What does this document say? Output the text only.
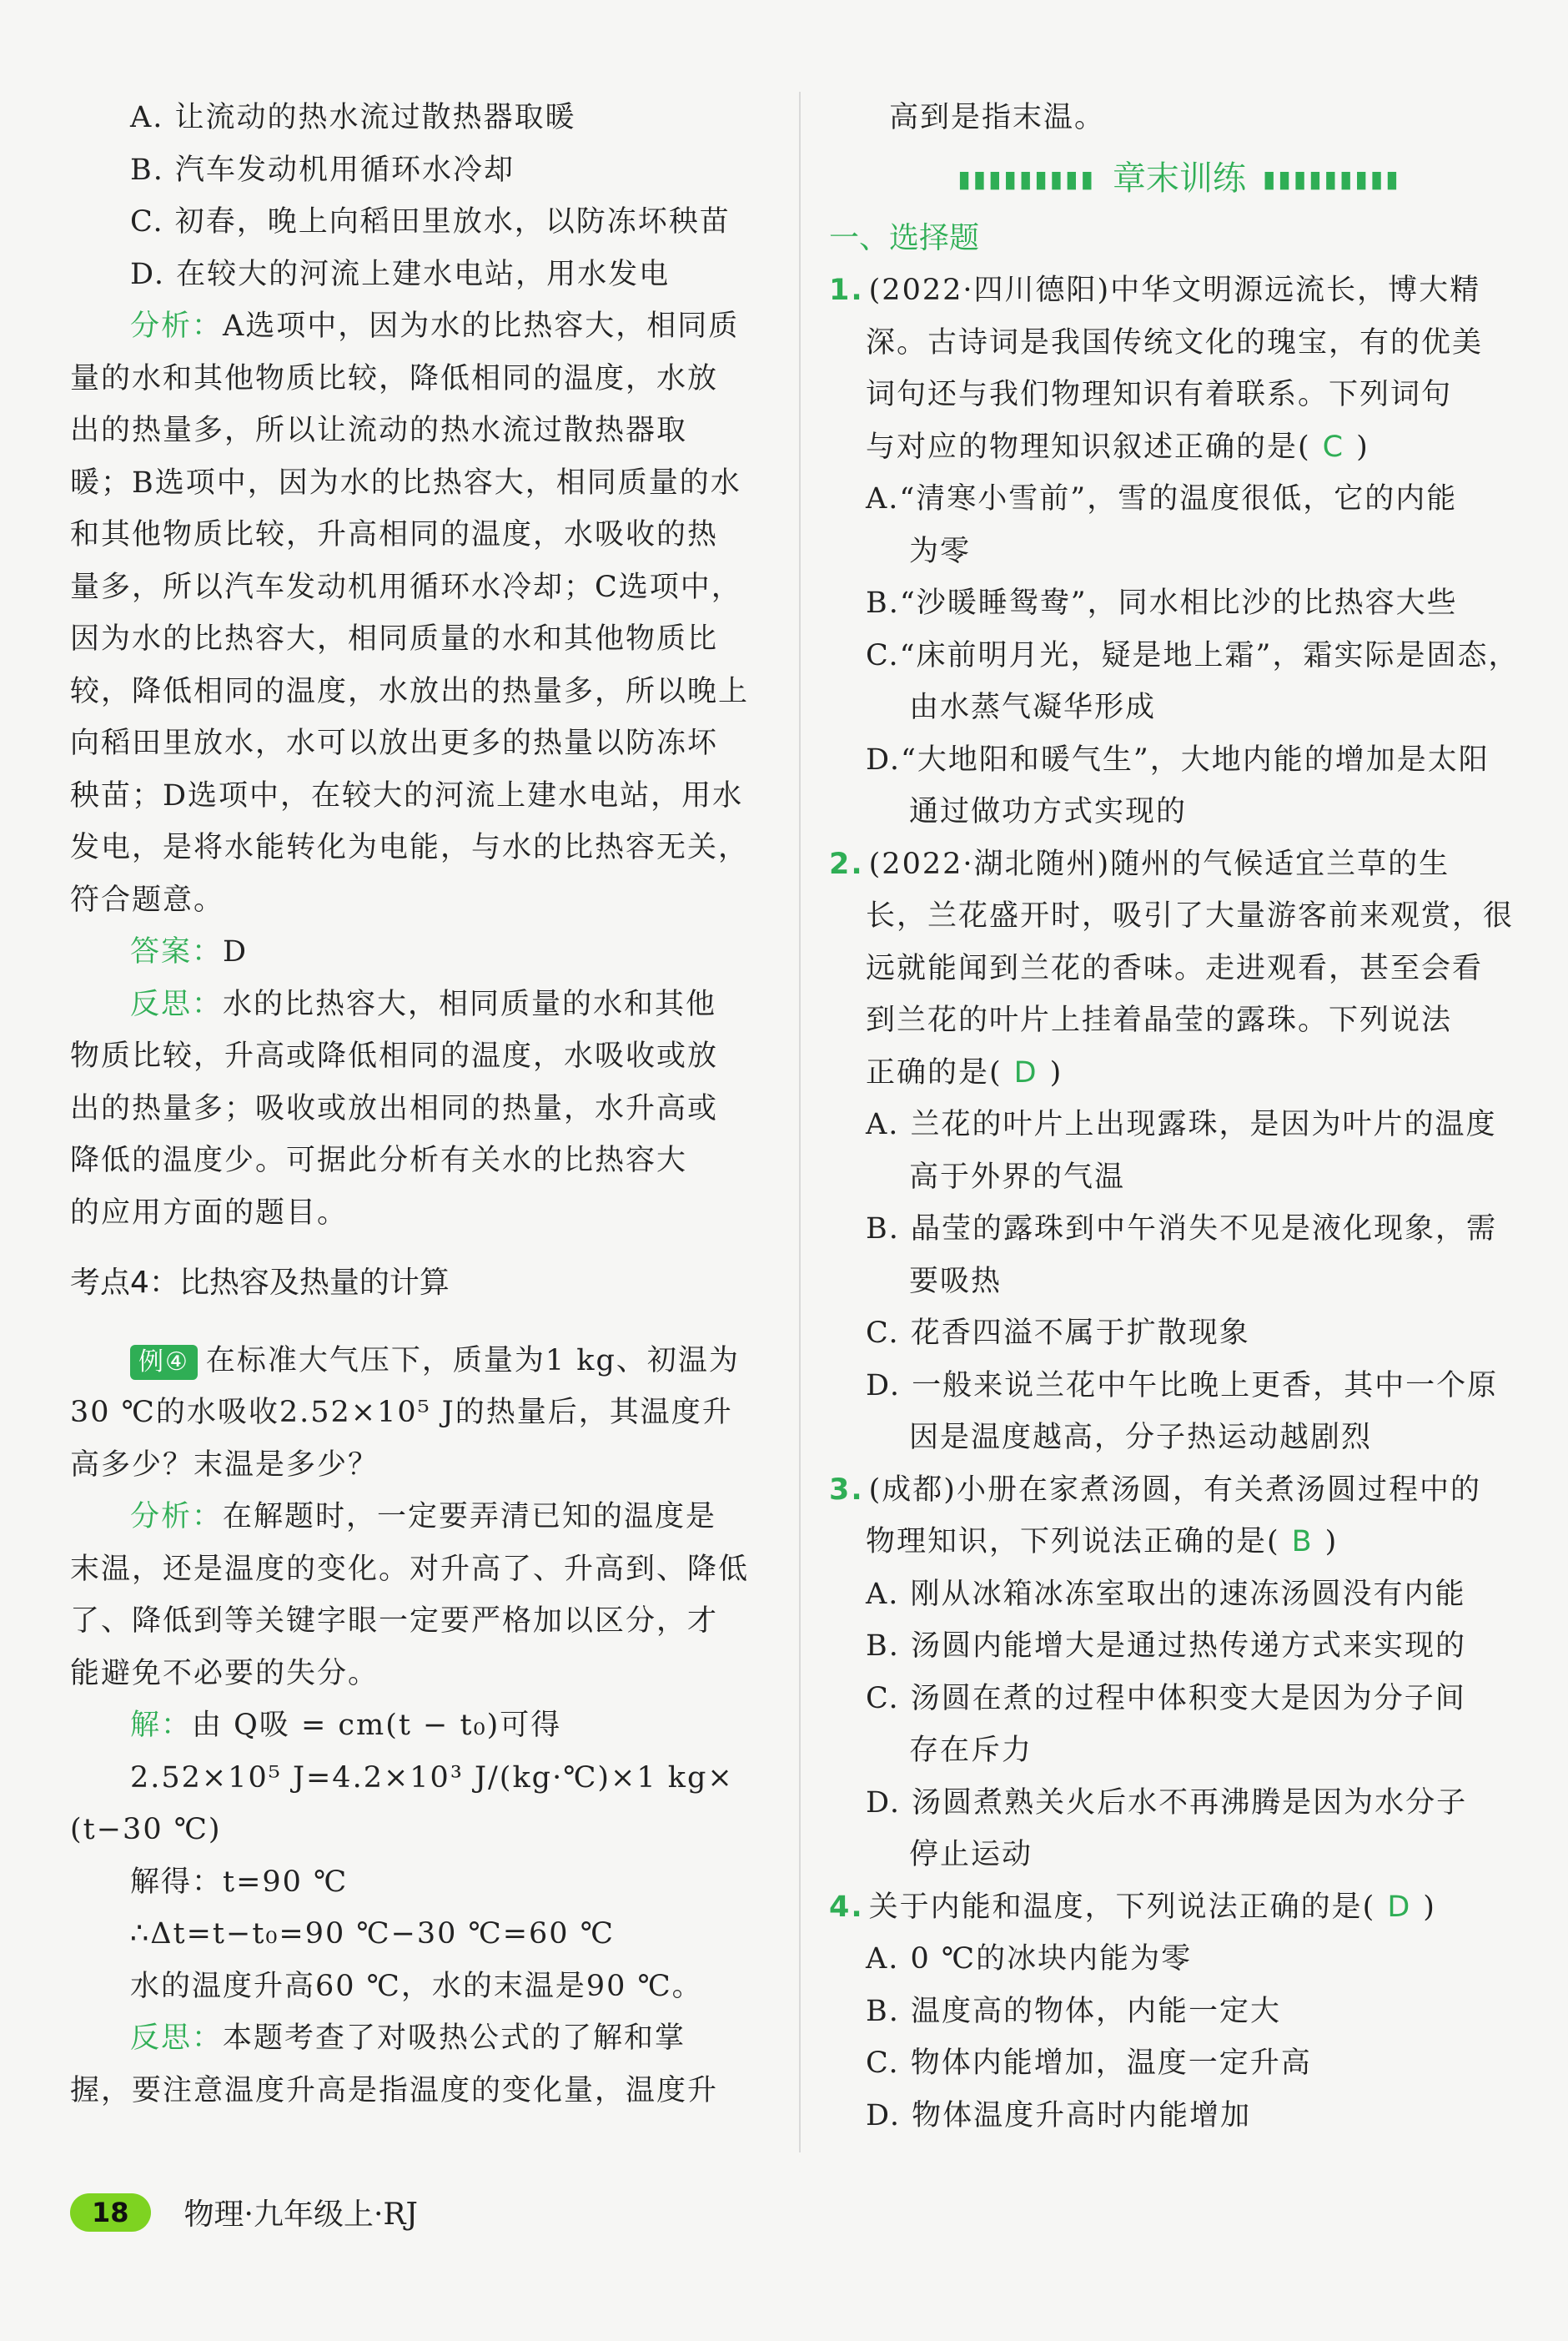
A. 让流动的热水流过散热器取暖
B. 汽车发动机用循环水冷却
C. 初春，晚上向稻田里放水，以防冻坏秧苗
D. 在较大的河流上建水电站，用水发电
分析：A选项中，因为水的比热容大，相同质
量的水和其他物质比较，降低相同的温度，水放
出的热量多，所以让流动的热水流过散热器取
暖；B选项中，因为水的比热容大，相同质量的水
和其他物质比较，升高相同的温度，水吸收的热
量多，所以汽车发动机用循环水冷却；C选项中，
因为水的比热容大，相同质量的水和其他物质比
较，降低相同的温度，水放出的热量多，所以晚上
向稻田里放水，水可以放出更多的热量以防冻坏
秧苗；D选项中，在较大的河流上建水电站，用水
发电，是将水能转化为电能，与水的比热容无关，
符合题意。
答案：D
反思：水的比热容大，相同质量的水和其他
物质比较，升高或降低相同的温度，水吸收或放
出的热量多；吸收或放出相同的热量，水升高或
降低的温度少。可据此分析有关水的比热容大
的应用方面的题目。
考点4：比热容及热量的计算
例④ 在标准大气压下，质量为1 kg、初温为
30 ℃的水吸收2.52×10⁵ J的热量后，其温度升
高多少？末温是多少？
分析：在解题时，一定要弄清已知的温度是
末温，还是温度的变化。对升高了、升高到、降低
了、降低到等关键字眼一定要严格加以区分，才
能避免不必要的失分。
解：由 Q吸 = cm(t − t₀)可得
2.52×10⁵ J=4.2×10³ J/(kg·℃)×1 kg×
(t−30 ℃)
解得：t=90 ℃
∴Δt=t−t₀=90 ℃−30 ℃=60 ℃
水的温度升高60 ℃，水的末温是90 ℃。
反思：本题考查了对吸热公式的了解和掌
握，要注意温度升高是指温度的变化量，温度升
高到是指末温。
▮▮▮▮▮▮▮▮▮ 章末训练 ▮▮▮▮▮▮▮▮▮
一、选择题
1. (2022·四川德阳)中华文明源远流长，博大精
深。古诗词是我国传统文化的瑰宝，有的优美
词句还与我们物理知识有着联系。下列词句
与对应的物理知识叙述正确的是( C )
A.“清寒小雪前”，雪的温度很低，它的内能
为零
B.“沙暖睡鸳鸯”，同水相比沙的比热容大些
C.“床前明月光，疑是地上霜”，霜实际是固态，
由水蒸气凝华形成
D.“大地阳和暖气生”，大地内能的增加是太阳
通过做功方式实现的
2. (2022·湖北随州)随州的气候适宜兰草的生
长，兰花盛开时，吸引了大量游客前来观赏，很
远就能闻到兰花的香味。走进观看，甚至会看
到兰花的叶片上挂着晶莹的露珠。下列说法
正确的是( D )
A. 兰花的叶片上出现露珠，是因为叶片的温度
高于外界的气温
B. 晶莹的露珠到中午消失不见是液化现象，需
要吸热
C. 花香四溢不属于扩散现象
D. 一般来说兰花中午比晚上更香，其中一个原
因是温度越高，分子热运动越剧烈
3. (成都)小册在家煮汤圆，有关煮汤圆过程中的
物理知识，下列说法正确的是( B )
A. 刚从冰箱冰冻室取出的速冻汤圆没有内能
B. 汤圆内能增大是通过热传递方式来实现的
C. 汤圆在煮的过程中体积变大是因为分子间
存在斥力
D. 汤圆煮熟关火后水不再沸腾是因为水分子
停止运动
4. 关于内能和温度，下列说法正确的是( D )
A. 0 ℃的冰块内能为零
B. 温度高的物体，内能一定大
C. 物体内能增加，温度一定升高
D. 物体温度升高时内能增加
18	物理·九年级上·RJ
